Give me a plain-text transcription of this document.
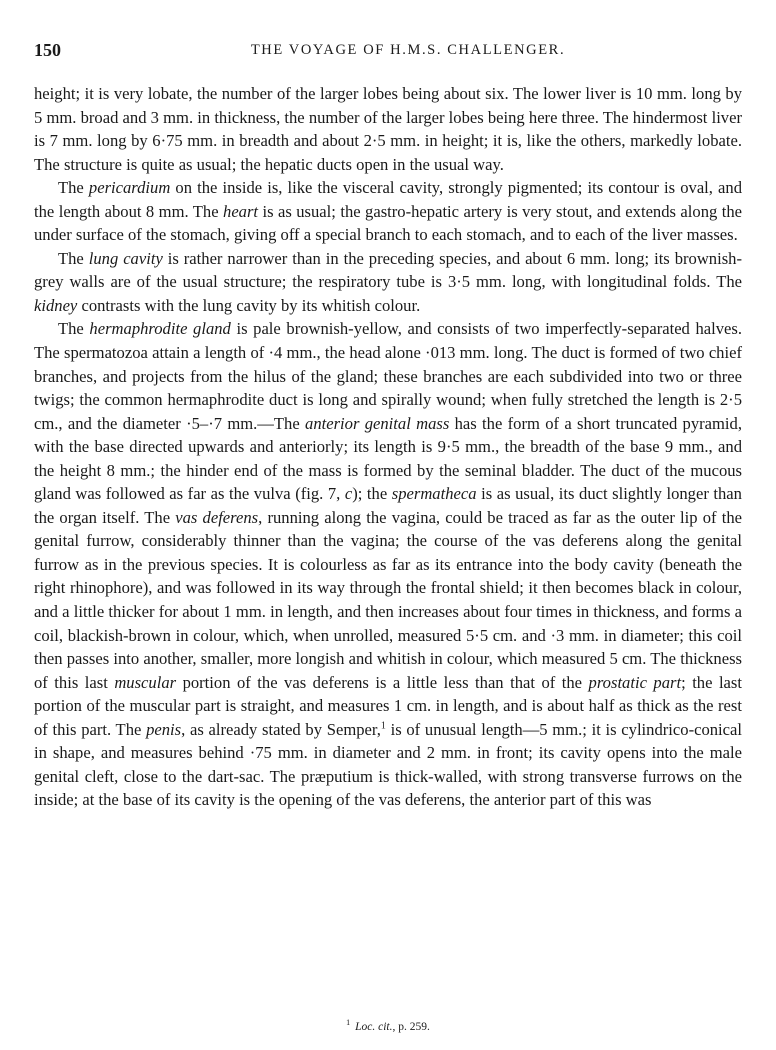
150	THE VOYAGE OF H.M.S. CHALLENGER.

height; it is very lobate, the number of the larger lobes being about six. The lower liver is 10 mm. long by 5 mm. broad and 3 mm. in thickness, the number of the larger lobes being here three. The hindermost liver is 7 mm. long by 6·75 mm. in breadth and about 2·5 mm. in height; it is, like the others, markedly lobate. The structure is quite as usual; the hepatic ducts open in the usual way.

The pericardium on the inside is, like the visceral cavity, strongly pigmented; its contour is oval, and the length about 8 mm. The heart is as usual; the gastro-hepatic artery is very stout, and extends along the under surface of the stomach, giving off a special branch to each stomach, and to each of the liver masses.

The lung cavity is rather narrower than in the preceding species, and about 6 mm. long; its brownish-grey walls are of the usual structure; the respiratory tube is 3·5 mm. long, with longitudinal folds. The kidney contrasts with the lung cavity by its whitish colour.

The hermaphrodite gland is pale brownish-yellow, and consists of two imperfectly-separated halves. The spermatozoa attain a length of ·4 mm., the head alone ·013 mm. long. The duct is formed of two chief branches, and projects from the hilus of the gland; these branches are each subdivided into two or three twigs; the common hermaphrodite duct is long and spirally wound; when fully stretched the length is 2·5 cm., and the diameter ·5–·7 mm.—The anterior genital mass has the form of a short truncated pyramid, with the base directed upwards and anteriorly; its length is 9·5 mm., the breadth of the base 9 mm., and the height 8 mm.; the hinder end of the mass is formed by the seminal bladder. The duct of the mucous gland was followed as far as the vulva (fig. 7, c); the spermatheca is as usual, its duct slightly longer than the organ itself. The vas deferens, running along the vagina, could be traced as far as the outer lip of the genital furrow, considerably thinner than the vagina; the course of the vas deferens along the genital furrow as in the previous species. It is colourless as far as its entrance into the body cavity (beneath the right rhinophore), and was followed in its way through the frontal shield; it then becomes black in colour, and a little thicker for about 1 mm. in length, and then increases about four times in thickness, and forms a coil, blackish-brown in colour, which, when unrolled, measured 5·5 cm. and ·3 mm. in diameter; this coil then passes into another, smaller, more longish and whitish in colour, which measured 5 cm. The thickness of this last muscular portion of the vas deferens is a little less than that of the prostatic part; the last portion of the muscular part is straight, and measures 1 cm. in length, and is about half as thick as the rest of this part. The penis, as already stated by Semper,$^1$ is of unusual length—5 mm.; it is cylindrico-conical in shape, and measures behind ·75 mm. in diameter and 2 mm. in front; its cavity opens into the male genital cleft, close to the dart-sac. The præputium is thick-walled, with strong transverse furrows on the inside; at the base of its cavity is the opening of the vas deferens, the anterior part of this was

$^1$ Loc. cit., p. 259.
